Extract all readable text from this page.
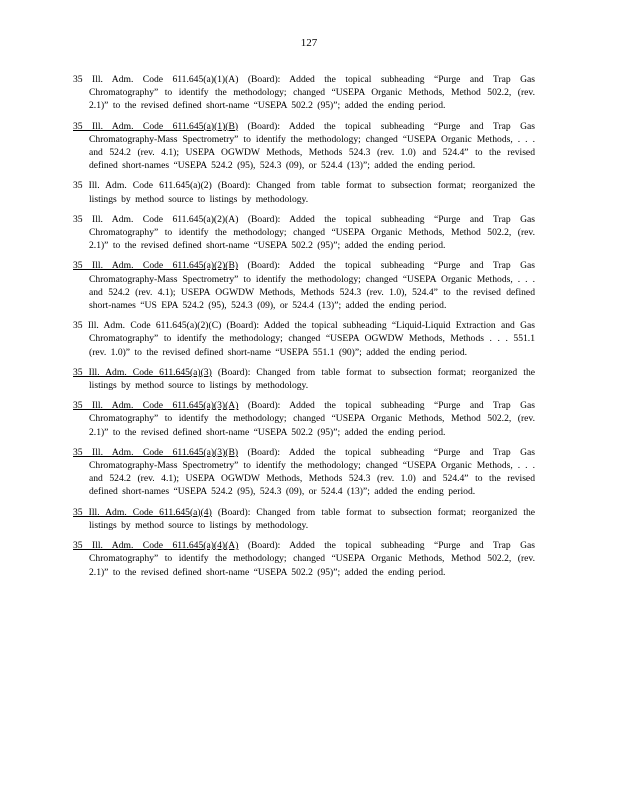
127

35 Ill. Adm. Code 611.645(a)(1)(A) (Board): Added the topical subheading “Purge and Trap Gas Chromatography” to identify the methodology; changed “USEPA Organic Methods, Method 502.2, (rev. 2.1)” to the revised defined short-name “USEPA 502.2 (95)”; added the ending period.

35 Ill. Adm. Code 611.645(a)(1)(B) (Board): Added the topical subheading “Purge and Trap Gas Chromatography-Mass Spectrometry” to identify the methodology; changed “USEPA Organic Methods, . . . and 524.2 (rev. 4.1); USEPA OGWDW Methods, Methods 524.3 (rev. 1.0) and 524.4” to the revised defined short-names “USEPA 524.2 (95), 524.3 (09), or 524.4 (13)”; added the ending period.

35 Ill. Adm. Code 611.645(a)(2) (Board): Changed from table format to subsection format; reorganized the listings by method source to listings by methodology.

35 Ill. Adm. Code 611.645(a)(2)(A) (Board): Added the topical subheading “Purge and Trap Gas Chromatography” to identify the methodology; changed “USEPA Organic Methods, Method 502.2, (rev. 2.1)” to the revised defined short-name “USEPA 502.2 (95)”; added the ending period.

35 Ill. Adm. Code 611.645(a)(2)(B) (Board): Added the topical subheading “Purge and Trap Gas Chromatography-Mass Spectrometry” to identify the methodology; changed “USEPA Organic Methods, . . . and 524.2 (rev. 4.1); USEPA OGWDW Methods, Methods 524.3 (rev. 1.0), 524.4” to the revised defined short-names “US EPA 524.2 (95), 524.3 (09), or 524.4 (13)”; added the ending period.

35 Ill. Adm. Code 611.645(a)(2)(C) (Board): Added the topical subheading “Liquid-Liquid Extraction and Gas Chromatography” to identify the methodology; changed “USEPA OGWDW Methods, Methods . . . 551.1 (rev. 1.0)” to the revised defined short-name “USEPA 551.1 (90)”; added the ending period.

35 Ill. Adm. Code 611.645(a)(3) (Board): Changed from table format to subsection format; reorganized the listings by method source to listings by methodology.

35 Ill. Adm. Code 611.645(a)(3)(A) (Board): Added the topical subheading “Purge and Trap Gas Chromatography” to identify the methodology; changed “USEPA Organic Methods, Method 502.2, (rev. 2.1)” to the revised defined short-name “USEPA 502.2 (95)”; added the ending period.

35 Ill. Adm. Code 611.645(a)(3)(B) (Board): Added the topical subheading “Purge and Trap Gas Chromatography-Mass Spectrometry” to identify the methodology; changed “USEPA Organic Methods, . . . and 524.2 (rev. 4.1); USEPA OGWDW Methods, Methods 524.3 (rev. 1.0) and 524.4” to the revised defined short-names “USEPA 524.2 (95), 524.3 (09), or 524.4 (13)”; added the ending period.

35 Ill. Adm. Code 611.645(a)(4) (Board): Changed from table format to subsection format; reorganized the listings by method source to listings by methodology.

35 Ill. Adm. Code 611.645(a)(4)(A) (Board): Added the topical subheading “Purge and Trap Gas Chromatography” to identify the methodology; changed “USEPA Organic Methods, Method 502.2, (rev. 2.1)” to the revised defined short-name “USEPA 502.2 (95)”; added the ending period.
